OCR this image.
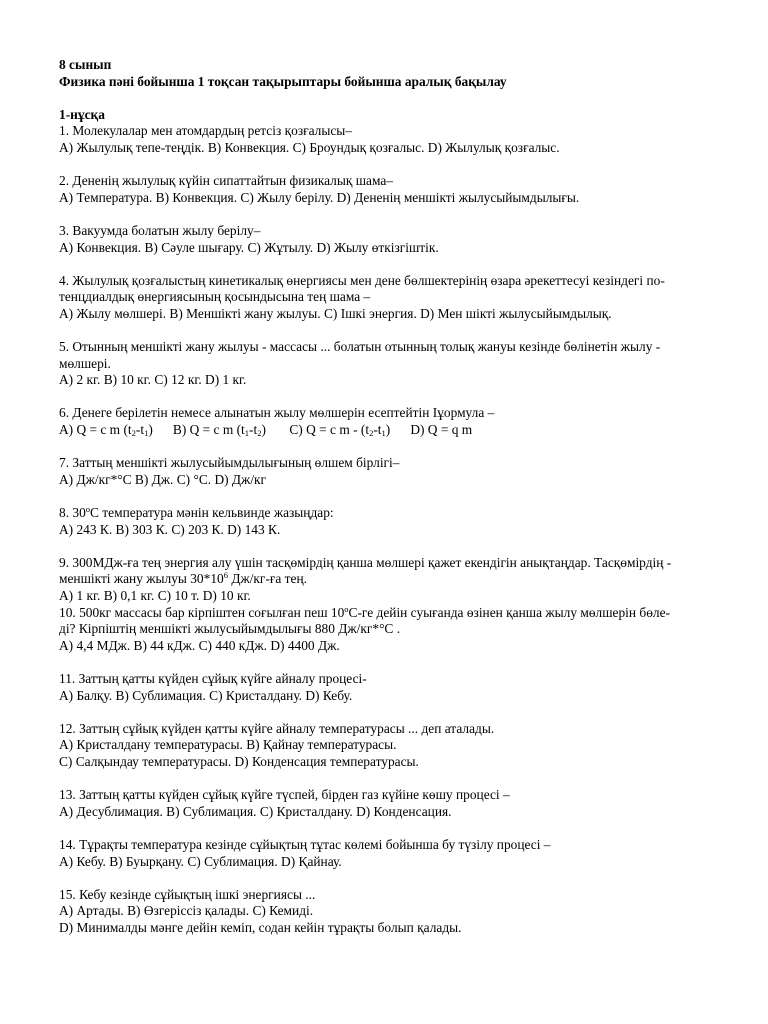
8 сынып
Физика пәні бойынша 1 тоқсан тақырыптары бойынша аралық бақылау
1-нұсқа
1. Молекулалар мен атомдардың ретсіз қозғалысы–
A) Жылулық тепе-теңдік. B) Конвекция. C) Броундық қозғалыс. D) Жылулық қозғалыс.
2. Дененің жылулық күйін сипаттайтын физикалық шама–
A) Температура. B) Конвекция. C) Жылу берілу. D) Дененің меншікті жылусыйымдылығы.
3. Вакуумда болатын жылу берілу–
A) Конвекция. B) Сәуле шығару. C) Жұтылу. D) Жылу өткізгіштік.
4. Жылулық қозғалыстың кинетикалық өнергиясы мен дене бөлшектерінің өзара әрекеттесуі кезіндегі по-
тенцдиалдық өнергиясының қосындысына тең шама –
A) Жылу мөлшері. B) Меншікті жану жылуы. C) Ішкі энергия. D) Мен шікті жылусыйымдылық.
5. Отынның меншікті жану жылуы - массасы ... болатын отынның толық жануы кезінде бөлінетін жылу -
мөлшері.
A) 2 кг. B) 10 кг. C) 12 кг. D) 1 кг.
6. Денеге берілетін немесе алынатын жылу мөлшерін есептейтін Іұормула –
A) Q = c m $(t_2-t_1)$ B) Q = c m $(t_1-t_2)$ C) Q = c m - $(t_2-t_1)$ D) Q = q m
7. Заттың меншікті жылусыйымдылығының өлшем бірлігі–
A) Дж/кг*°С B) Дж. C) °С. D) Дж/кг
8. $30^оС$ температура мәнін кельвинде жазыңдар:
A) 243 К. B) 303 К. C) 203 К. D) 143 К.
9. 300МДж-ға тең энергия алу үшін тасқөмірдің қанша мөлшері қажет екендігін анықтаңдар. Тасқөмірдің -
меншікті жану жылуы $30*10^6$ Дж/кг-ға тең.
A) 1 кг. B) 0,1 кг. C) 10 т. D) 10 кг.
10. 500кг массасы бар кірпіштен соғылған пеш $10^оС-ге$ дейін суығанда өзінен қанша жылу мөлшерін бөле-
ді? Кірпіштің меншікті жылусыйымдылығы 880 Дж/кг*°С .
A) 4,4 МДж. B) 44 кДж. C) 440 кДж. D) 4400 Дж.
11. Заттың қатты күйден сұйық күйге айналу процесі-
A) Балқу. B) Сублимация. C) Кристалдану. D) Кебу.
12. Заттың сұйық күйден қатты күйге айналу температурасы ... деп аталады.
A) Кристалдану температурасы. B) Қайнау температурасы.
C) Салқындау температурасы. D) Конденсация температурасы.
13. Заттың қатты күйден сұйық күйге түспей, бірден газ күйіне көшу процесі –
A) Десублимация. B) Сублимация. C) Кристалдану. D) Конденсация.
14. Тұрақты температура кезінде сұйықтың тұтас көлемі бойынша бу түзілу процесі –
A) Кебу. B) Буырқану. C) Сублимация. D) Қайнау.
15. Кебу кезінде сұйықтың ішкі энергиясы ...
A) Артады. B) Өзгеріссіз қалады. C) Кемиді.
D) Минималды мәнге дейін кеміп, содан кейін тұрақты болып қалады.
